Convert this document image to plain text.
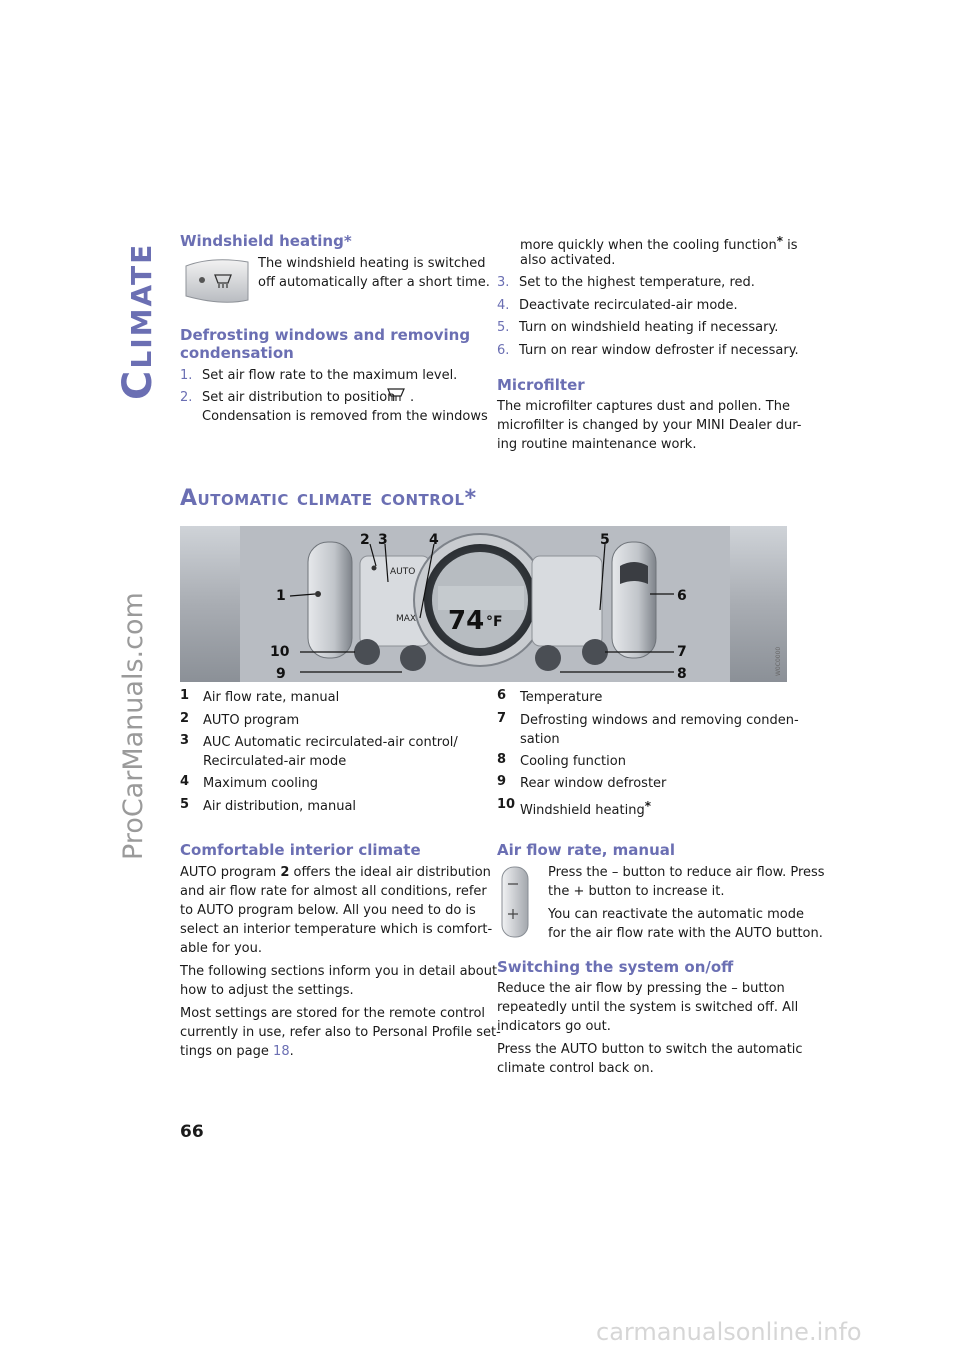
Climate
ProCarManuals.com
Windshield heating*
The windshield heating is switched
off automatically after a short time.
Defrosting windows and removing
condensation
1. Set air flow rate to the maximum level.
2. Set air distribution to position .
Condensation is removed from the windows
more quickly when the cooling function* is
also activated.
3. Set to the highest temperature, red.
4. Deactivate recirculated-air mode.
5. Turn on windshield heating if necessary.
6. Turn on rear window defroster if necessary.
Microfilter
The microfilter captures dust and pollen. The
microfilter is changed by your MINI Dealer dur-
ing routine maintenance work.
Automatic climate control*
AUTO
MAX 74 °F
1
2 3	4	5
6
7
8
9
10	W0C0000
1 Air flow rate, manual
2 AUTO program
3 AUC Automatic recirculated-air control/
Recirculated-air mode
4 Maximum cooling
5 Air distribution, manual
6 Temperature
7 Defrosting windows and removing conden-
sation
8 Cooling function
9 Rear window defroster
10 Windshield heating*
Comfortable interior climate
AUTO program 2 offers the ideal air distribution
and air flow rate for almost all conditions, refer
to AUTO program below. All you need to do is
select an interior temperature which is comfort-
able for you.
The following sections inform you in detail about
how to adjust the settings.
Most settings are stored for the remote control
currently in use, refer also to Personal Profile set-
tings on page 18.
Air flow rate, manual
Press the – button to reduce air flow. Press
the + button to increase it.
You can reactivate the automatic mode
for the air flow rate with the AUTO button.
Switching the system on/off
Reduce the air flow by pressing the – button
repeatedly until the system is switched off. All
indicators go out.
Press the AUTO button to switch the automatic
climate control back on.
66
carmanualsonline.info
